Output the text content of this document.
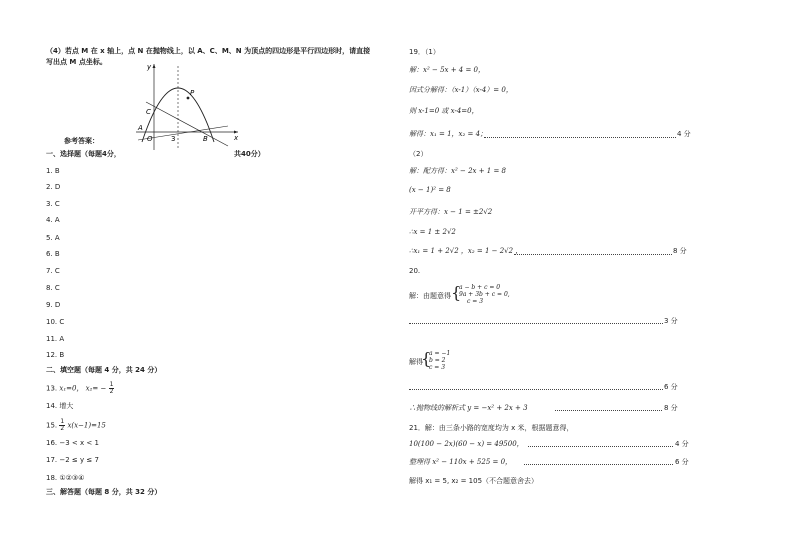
（4）若点 M 在 x 轴上，点 N 在抛物线上，以 A、C、M、N 为顶点的四边形是平行四边形时，请直接
写出点 M 点坐标。
y
x
O	3
A
B
C
P
参考答案：
一、选择题（每题4分，	共40分）
1. B
2. D
3. C
4. A
5. A
6. B
7. C
8. C
9. D
10. C
11. A
12. B
二、填空题（每题 4 分，共 24 分）
13. x₁=0， $x_2= - \frac{1}{2}$
14. 增大
15. $\frac{1}{2} x(x-1)=15$
16. −3 < x < 1
17. −2 ≤ y ≤ 7
18. ①②③④
三、解答题（每题 8 分，共 32 分）
19．（1）
解：x² − 5x + 4 = 0，
因式分解得：（x-1）（x-4）= 0，
则 x-1=0 或 x-4=0，
解得：x₁ = 1，x₂ = 4；	4 分
（2）
解：配方得：x² − 2x + 1 = 8
(x − 1)² = 8
开平方得：x − 1 = ±2√2
∴x = 1 ± 2√2
∴x₁ = 1 + 2√2 ，x₂ = 1 − 2√2 ，	8 分
20.
解：由题意得 {
a − b + c = 0
9a + 3b + c = 0,
c = 3
3 分
解得
{
a = −1
b = 2
c = 3
6 分
∴抛物线的解析式 y = −x² + 2x + 3	8 分
21．解：由三条小路的宽度均为 x 米，根据题意得，
10(100 − 2x)(60 − x) = 49500，	4 分
整理得 x² − 110x + 525 = 0，	6 分
解得 x₁ = 5, x₂ = 105（不合题意舍去）
